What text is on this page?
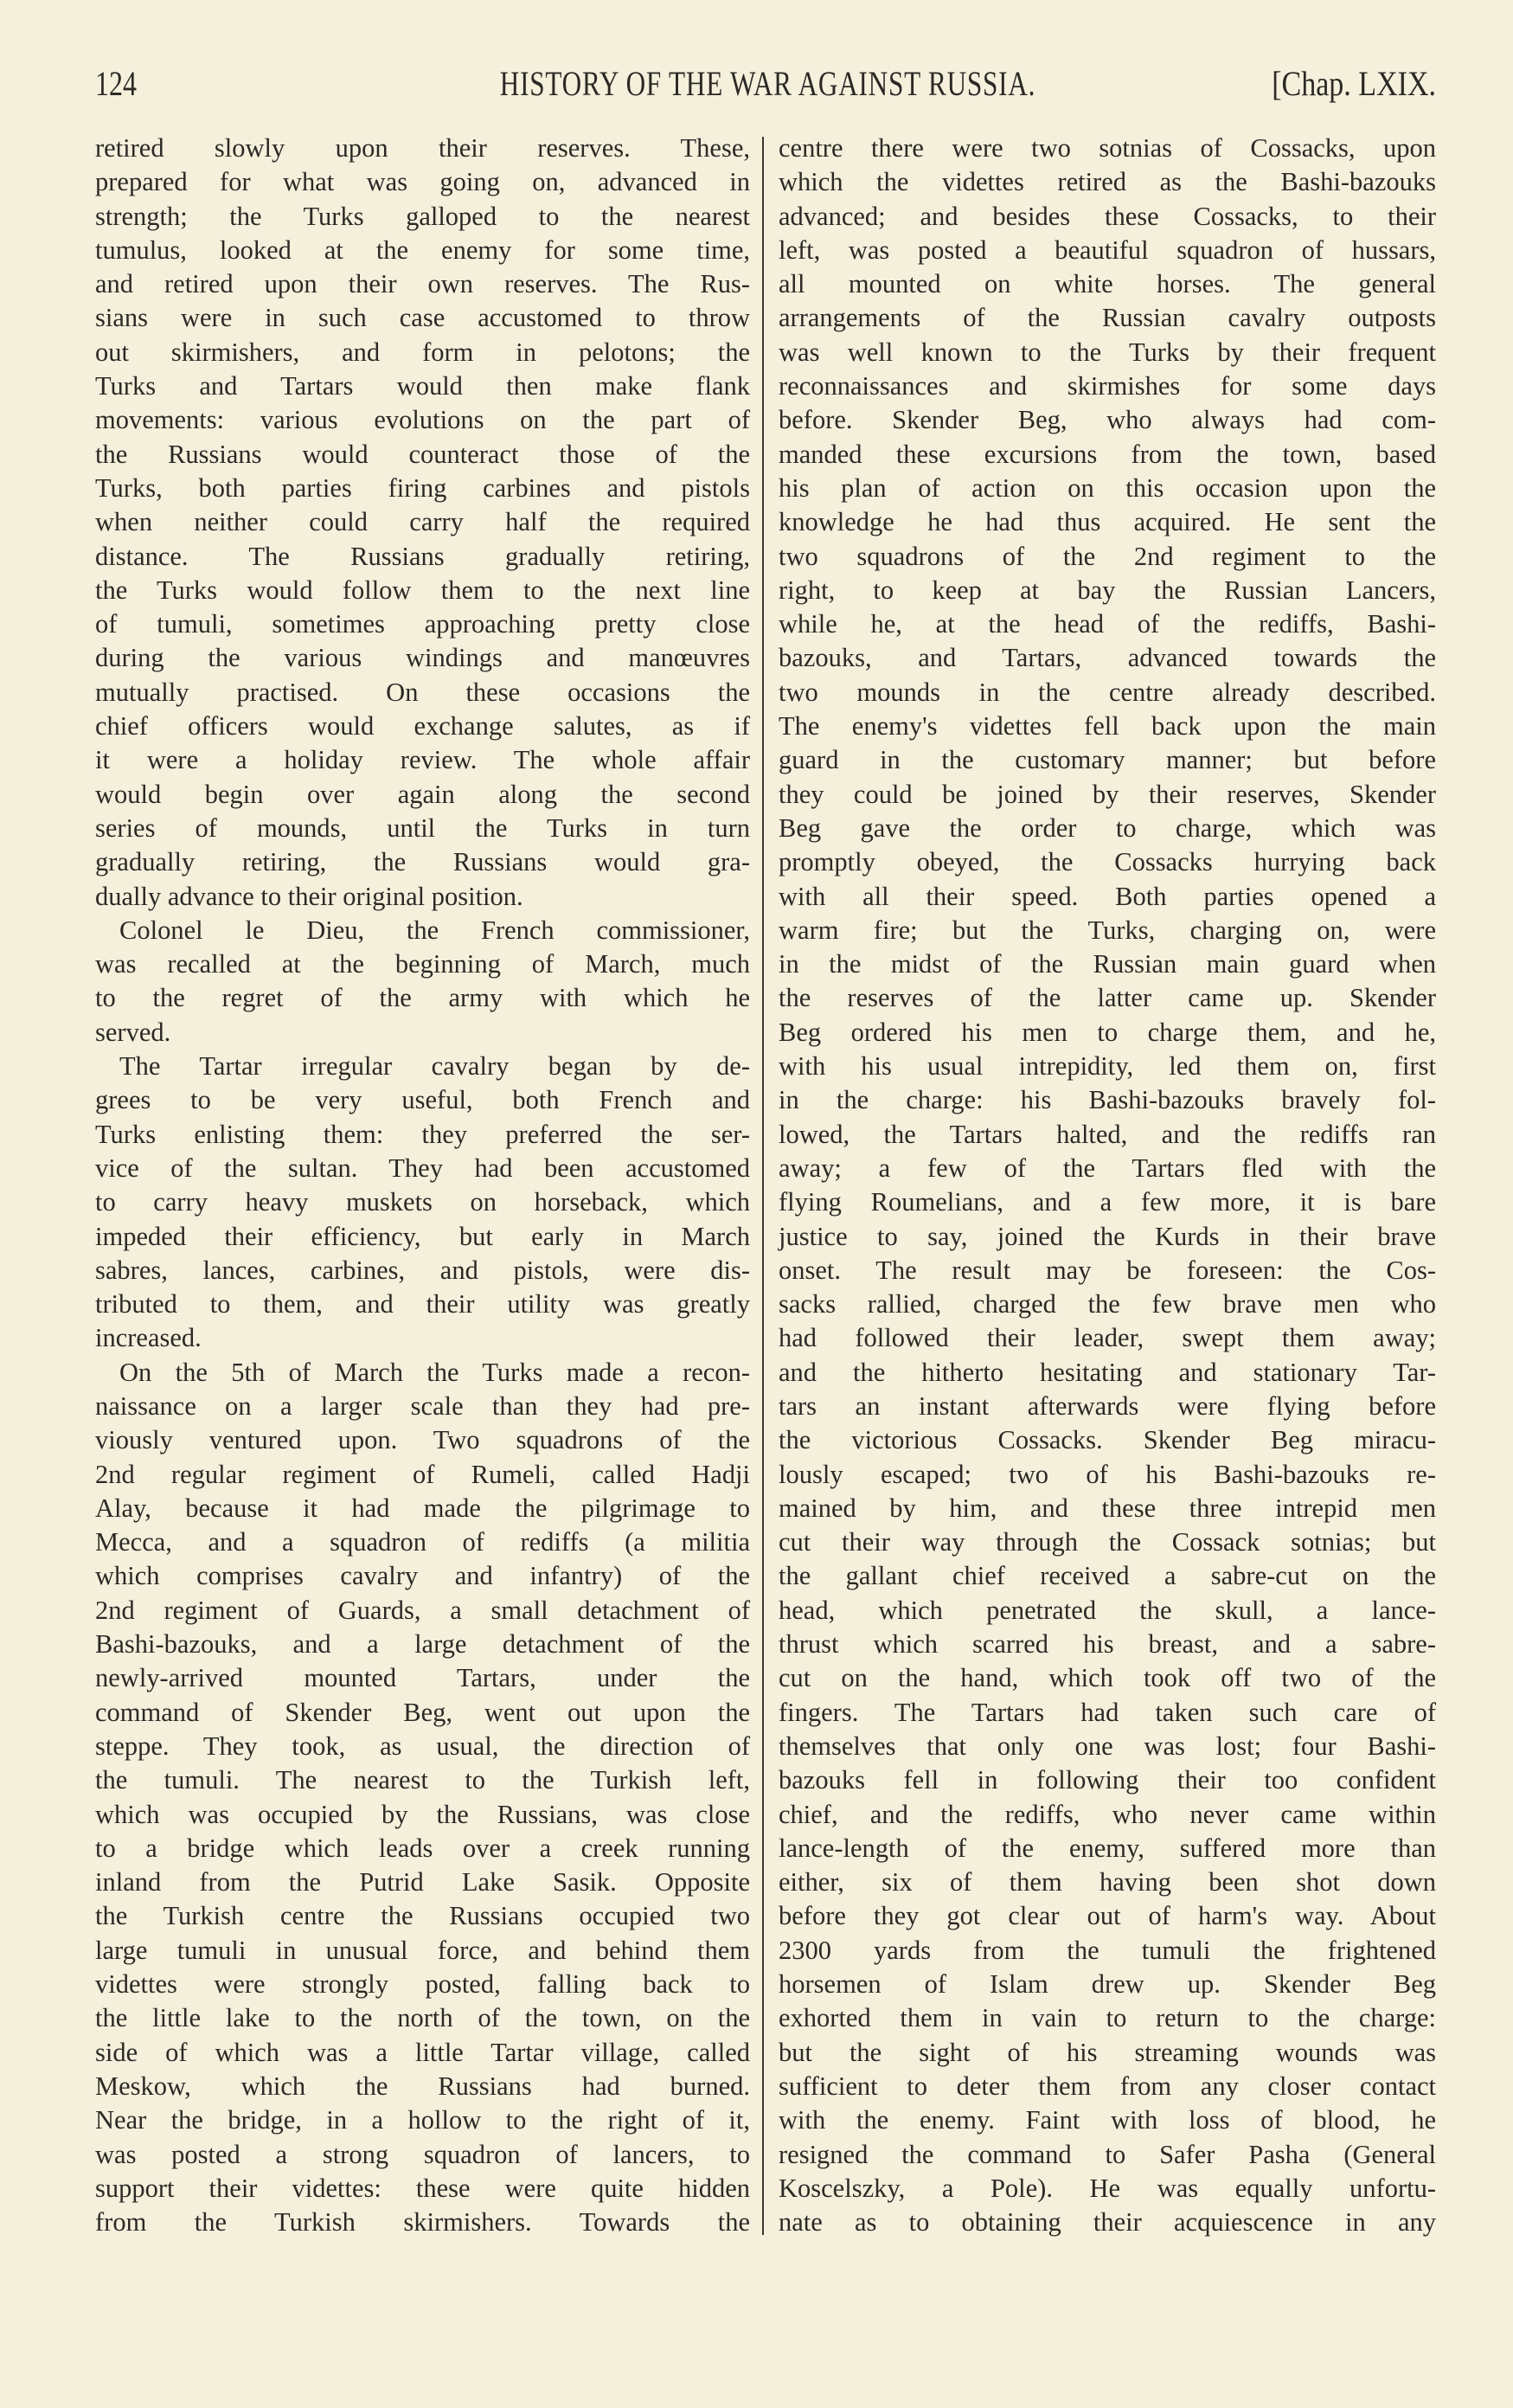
124	HISTORY OF THE WAR AGAINST RUSSIA.	[Chap. LXIX.
retired slowly upon their reserves. These,
prepared for what was going on, advanced in
strength; the Turks galloped to the nearest
tumulus, looked at the enemy for some time,
and retired upon their own reserves. The Rus-
sians were in such case accustomed to throw
out skirmishers, and form in pelotons; the
Turks and Tartars would then make flank
movements: various evolutions on the part of
the Russians would counteract those of the
Turks, both parties firing carbines and pistols
when neither could carry half the required
distance. The Russians gradually retiring,
the Turks would follow them to the next line
of tumuli, sometimes approaching pretty close
during the various windings and manœuvres
mutually practised. On these occasions the
chief officers would exchange salutes, as if
it were a holiday review. The whole affair
would begin over again along the second
series of mounds, until the Turks in turn
gradually retiring, the Russians would gra-
dually advance to their original position.
Colonel le Dieu, the French commissioner,
was recalled at the beginning of March, much
to the regret of the army with which he
served.
The Tartar irregular cavalry began by de-
grees to be very useful, both French and
Turks enlisting them: they preferred the ser-
vice of the sultan. They had been accustomed
to carry heavy muskets on horseback, which
impeded their efficiency, but early in March
sabres, lances, carbines, and pistols, were dis-
tributed to them, and their utility was greatly
increased.
On the 5th of March the Turks made a recon-
naissance on a larger scale than they had pre-
viously ventured upon. Two squadrons of the
2nd regular regiment of Rumeli, called Hadji
Alay, because it had made the pilgrimage to
Mecca, and a squadron of rediffs (a militia
which comprises cavalry and infantry) of the
2nd regiment of Guards, a small detachment of
Bashi-bazouks, and a large detachment of the
newly-arrived mounted Tartars, under the
command of Skender Beg, went out upon the
steppe. They took, as usual, the direction of
the tumuli. The nearest to the Turkish left,
which was occupied by the Russians, was close
to a bridge which leads over a creek running
inland from the Putrid Lake Sasik. Opposite
the Turkish centre the Russians occupied two
large tumuli in unusual force, and behind them
videttes were strongly posted, falling back to
the little lake to the north of the town, on the
side of which was a little Tartar village, called
Meskow, which the Russians had burned.
Near the bridge, in a hollow to the right of it,
was posted a strong squadron of lancers, to
support their videttes: these were quite hidden
from the Turkish skirmishers. Towards the
centre there were two sotnias of Cossacks, upon
which the videttes retired as the Bashi-bazouks
advanced; and besides these Cossacks, to their
left, was posted a beautiful squadron of hussars,
all mounted on white horses. The general
arrangements of the Russian cavalry outposts
was well known to the Turks by their frequent
reconnaissances and skirmishes for some days
before. Skender Beg, who always had com-
manded these excursions from the town, based
his plan of action on this occasion upon the
knowledge he had thus acquired. He sent the
two squadrons of the 2nd regiment to the
right, to keep at bay the Russian Lancers,
while he, at the head of the rediffs, Bashi-
bazouks, and Tartars, advanced towards the
two mounds in the centre already described.
The enemy's videttes fell back upon the main
guard in the customary manner; but before
they could be joined by their reserves, Skender
Beg gave the order to charge, which was
promptly obeyed, the Cossacks hurrying back
with all their speed. Both parties opened a
warm fire; but the Turks, charging on, were
in the midst of the Russian main guard when
the reserves of the latter came up. Skender
Beg ordered his men to charge them, and he,
with his usual intrepidity, led them on, first
in the charge: his Bashi-bazouks bravely fol-
lowed, the Tartars halted, and the rediffs ran
away; a few of the Tartars fled with the
flying Roumelians, and a few more, it is bare
justice to say, joined the Kurds in their brave
onset. The result may be foreseen: the Cos-
sacks rallied, charged the few brave men who
had followed their leader, swept them away;
and the hitherto hesitating and stationary Tar-
tars an instant afterwards were flying before
the victorious Cossacks. Skender Beg miracu-
lously escaped; two of his Bashi-bazouks re-
mained by him, and these three intrepid men
cut their way through the Cossack sotnias; but
the gallant chief received a sabre-cut on the
head, which penetrated the skull, a lance-
thrust which scarred his breast, and a sabre-
cut on the hand, which took off two of the
fingers. The Tartars had taken such care of
themselves that only one was lost; four Bashi-
bazouks fell in following their too confident
chief, and the rediffs, who never came within
lance-length of the enemy, suffered more than
either, six of them having been shot down
before they got clear out of harm's way. About
2300 yards from the tumuli the frightened
horsemen of Islam drew up. Skender Beg
exhorted them in vain to return to the charge:
but the sight of his streaming wounds was
sufficient to deter them from any closer contact
with the enemy. Faint with loss of blood, he
resigned the command to Safer Pasha (General
Koscelszky, a Pole). He was equally unfortu-
nate as to obtaining their acquiescence in any
